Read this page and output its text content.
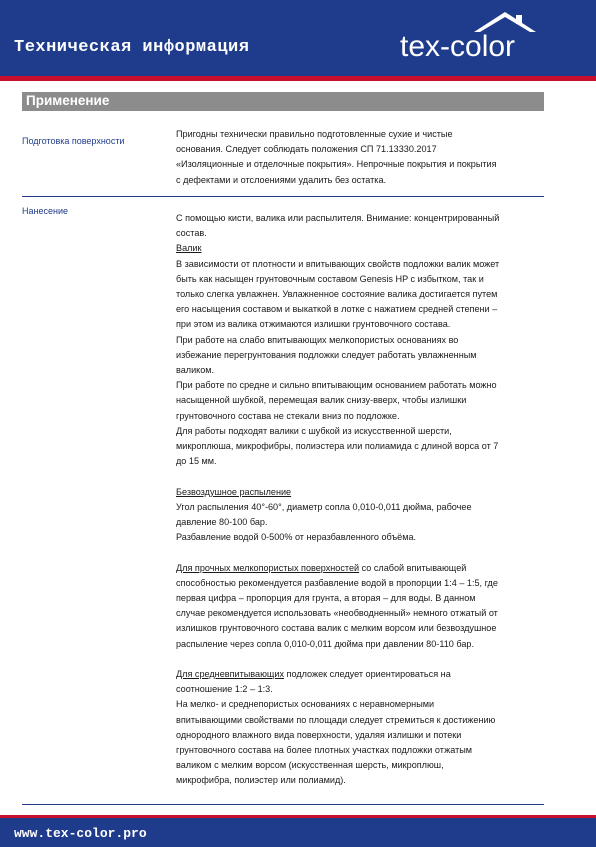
Техническая информация	tex-color
Применение
Подготовка поверхности

Пригодны технически правильно подготовленные сухие и чистые

основания. Следует соблюдать положения СП 71.13330.2017

«Изоляционные и отделочные покрытия». Непрочные покрытия и покрытия

с дефектами и отслоениями удалить без остатка.

Нанесение

С помощью кисти, валика или распылителя. Внимание: концентрированный

состав.

Валик

В зависимости от плотности и впитывающих свойств подложки валик может

быть как насыщен грунтовочным составом Genesis HP с избытком, так и

только слегка увлажнен. Увлажненное состояние валика достигается путем

его насыщения составом и выкаткой в лотке с нажатием средней степени –

при этом из валика отжимаются излишки грунтовочного состава.

При работе на слабо впитывающих мелкопористых основаниях во

избежание перегрунтования подложки следует работать увлажненным

валиком.

При работе по средне и сильно впитывающим основанием работать можно

насыщенной шубкой, перемещая валик снизу-вверх, чтобы излишки

грунтовочного состава не стекали вниз по подложке.

Для работы подходят валики с шубкой из искусственной шерсти,

микроплюша, микрофибры, полиэстера или полиамида с длиной ворса от 7

до 15 мм.

Безвоздушное распыление

Угол распыления 40°-60°, диаметр сопла 0,010-0,011 дюйма, рабочее

давление 80-100 бар.

Разбавление водой 0-500% от неразбавленного объёма.

Для прочных мелкопористых поверхностей со слабой впитывающей

способностью рекомендуется разбавление водой в пропорции 1:4 – 1:5, где

первая цифра – пропорция для грунта, а вторая – для воды. В данном

случае рекомендуется использовать «необводненный» немного отжатый от

излишков грунтовочного состава валик с мелким ворсом или безвоздушное

распыление через сопла 0,010-0,011 дюйма при давлении 80-110 бар.

Для средневпитывающих подложек следует ориентироваться на

соотношение 1:2 – 1:3.

На мелко- и среднепористых основаниях с неравномерными

впитывающими свойствами по площади следует стремиться к достижению

однородного влажного вида поверхности, удаляя излишки и потеки

грунтовочного состава на более плотных участках подложки отжатым

валиком с мелким ворсом (искусственная шерсть, микроплюш,

микрофибра, полиэстер или полиамид).

www.tex-color.pro
